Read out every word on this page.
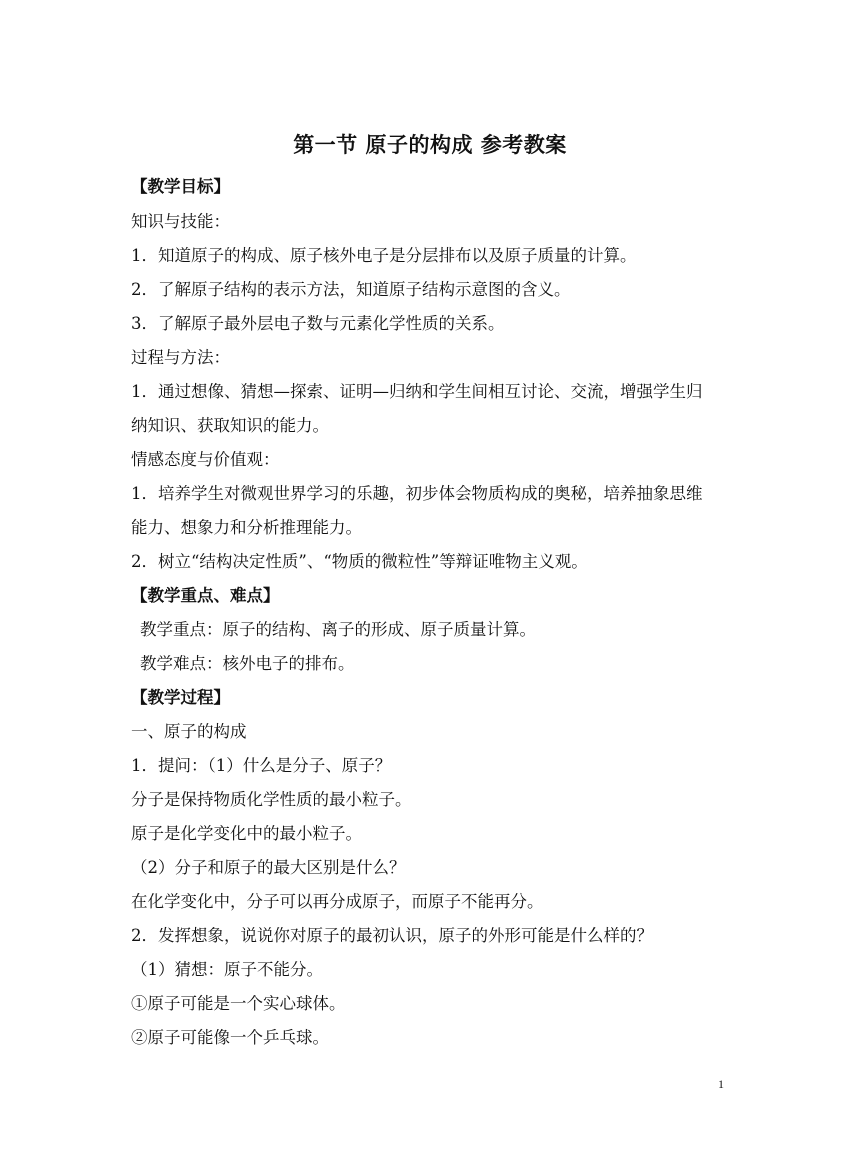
第一节 原子的构成 参考教案
【教学目标】
知识与技能：
1．知道原子的构成、原子核外电子是分层排布以及原子质量的计算。
2．了解原子结构的表示方法，知道原子结构示意图的含义。
3．了解原子最外层电子数与元素化学性质的关系。
过程与方法：
1．通过想像、猜想—探索、证明—归纳和学生间相互讨论、交流，增强学生归
纳知识、获取知识的能力。
情感态度与价值观：
1．培养学生对微观世界学习的乐趣，初步体会物质构成的奥秘，培养抽象思维
能力、想象力和分析推理能力。
2．树立“结构决定性质”、“物质的微粒性”等辩证唯物主义观。
【教学重点、难点】
教学重点：原子的结构、离子的形成、原子质量计算。
教学难点：核外电子的排布。
【教学过程】
一、原子的构成
1．提问：（1）什么是分子、原子？
分子是保持物质化学性质的最小粒子。
原子是化学变化中的最小粒子。
（2）分子和原子的最大区别是什么？
在化学变化中，分子可以再分成原子，而原子不能再分。
2．发挥想象，说说你对原子的最初认识，原子的外形可能是什么样的？
（1）猜想：原子不能分。
①原子可能是一个实心球体。
②原子可能像一个乒乓球。
1
